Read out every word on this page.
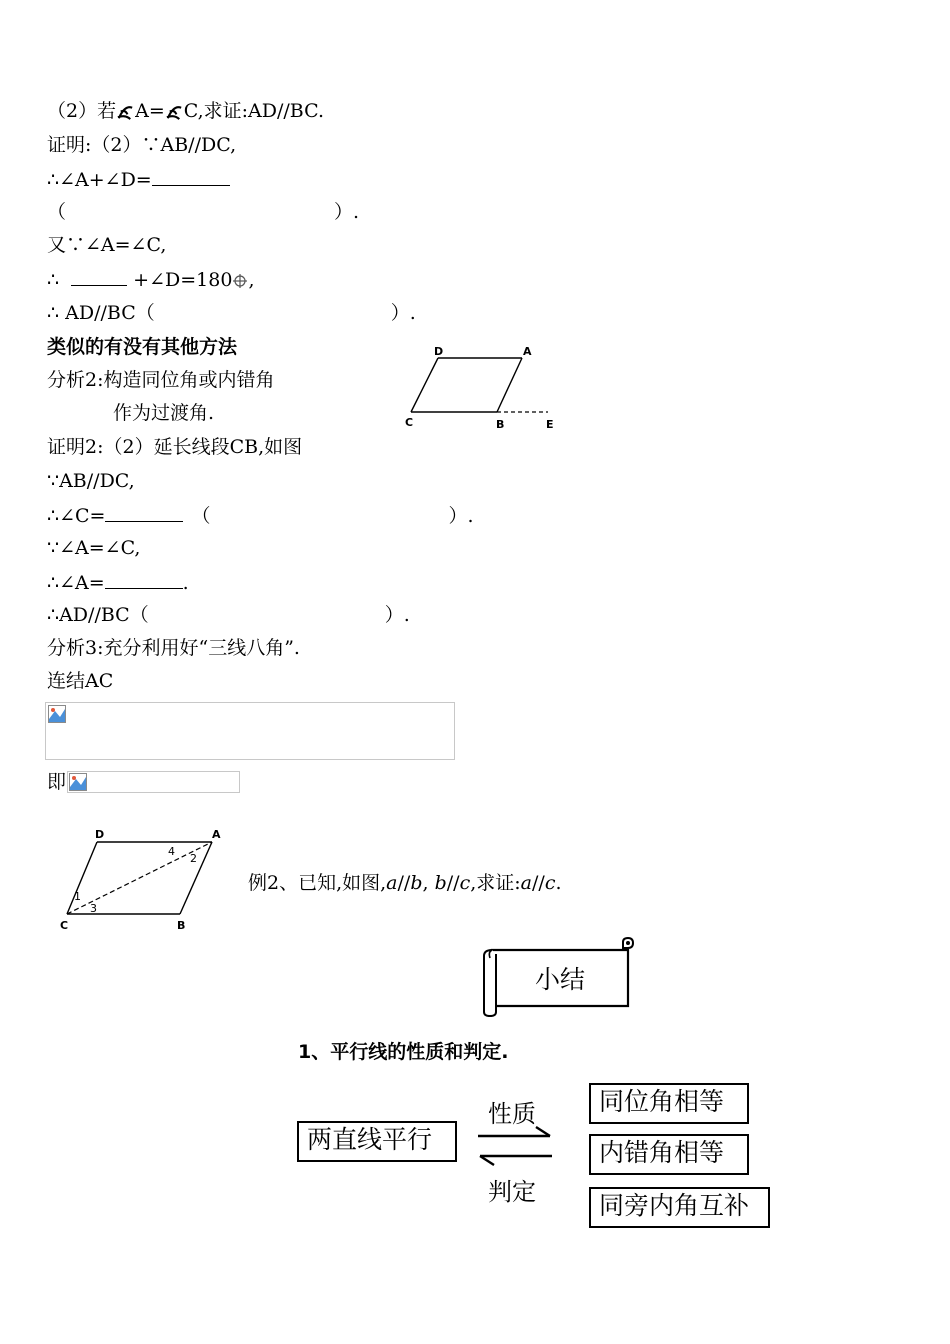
（2）若 A= C,求证:AD//BC.
证明:（2）∵AB//DC,
∴∠A+∠D=
（	）.
又∵∠A=∠C,
∴	+∠D=180 ,
∴ AD//BC（	）.
类似的有没有其他方法
分析2:构造同位角或内错角
作为过渡角.
D	A
C	B	E
证明2:（2）延长线段CB,如图
∵AB//DC,
∴∠C=	（	）.
∵∠A=∠C,
∴∠A=	.
∴AD//BC（	）.
分析3:充分利用好“三线八角”.
连结AC
即
D	A
C	B
1
2
3
4
例2、已知,如图,a//b, b//c,求证:a//c.
小结
1、平行线的性质和判定.
两直线平行
性质
判定
同位角相等
内错角相等
同旁内角互补
